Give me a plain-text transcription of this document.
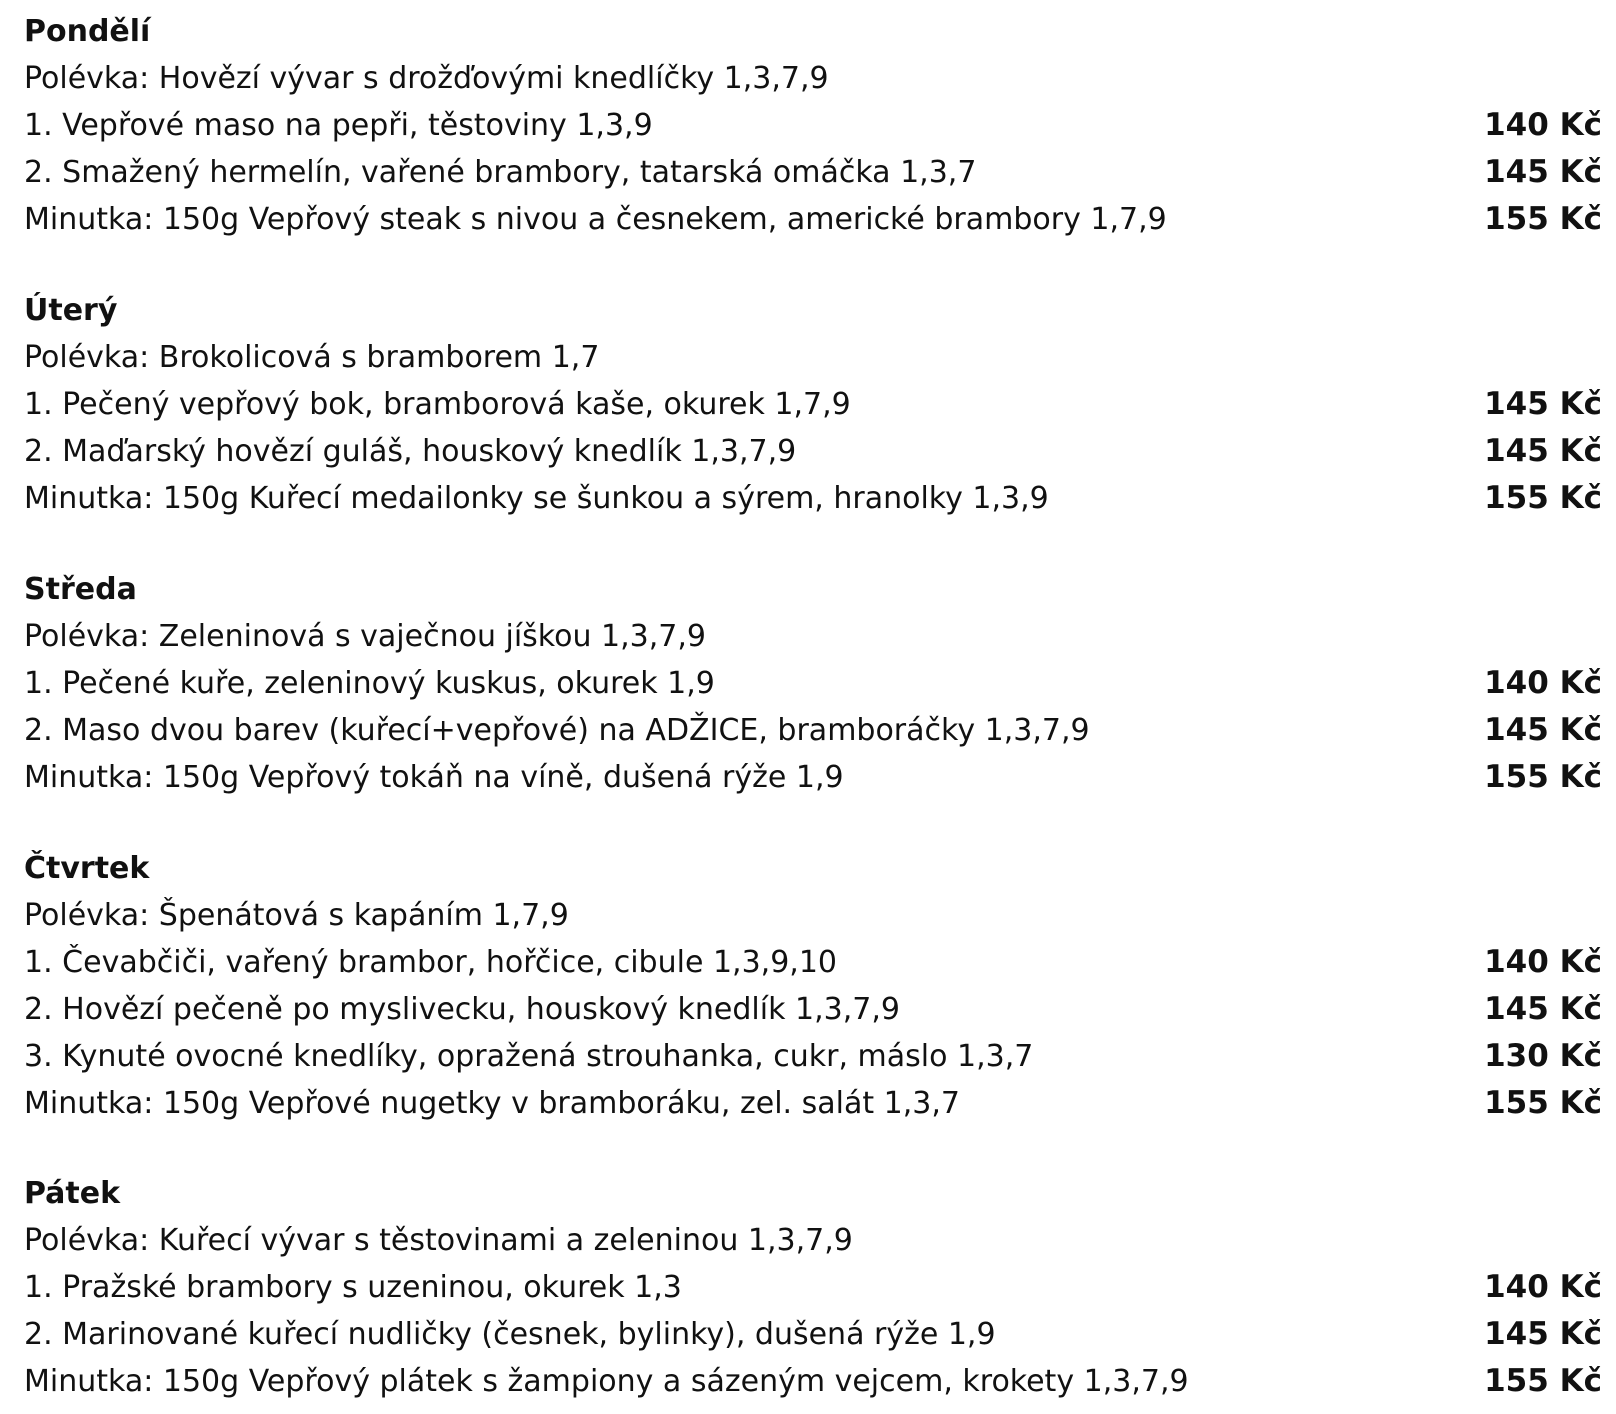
Pondělí
Polévka: Hovězí vývar s drožďovými knedlíčky 1,3,7,9
1. Vepřové maso na pepři, těstoviny 1,3,9	140 Kč
2. Smažený hermelín, vařené brambory, tatarská omáčka 1,3,7	145 Kč
Minutka: 150g Vepřový steak s nivou a česnekem, americké brambory 1,7,9	155 Kč
Úterý
Polévka: Brokolicová s bramborem 1,7
1. Pečený vepřový bok, bramborová kaše, okurek 1,7,9	145 Kč
2. Maďarský hovězí guláš, houskový knedlík 1,3,7,9	145 Kč
Minutka: 150g Kuřecí medailonky se šunkou a sýrem, hranolky 1,3,9	155 Kč
Středa
Polévka: Zeleninová s vaječnou jíškou 1,3,7,9
1. Pečené kuře, zeleninový kuskus, okurek 1,9	140 Kč
2. Maso dvou barev (kuřecí+vepřové) na ADŽICE, bramboráčky 1,3,7,9	145 Kč
Minutka: 150g Vepřový tokáň na víně, dušená rýže 1,9	155 Kč
Čtvrtek
Polévka: Špenátová s kapáním 1,7,9
1. Čevabčiči, vařený brambor, hořčice, cibule 1,3,9,10	140 Kč
2. Hovězí pečeně po myslivecku, houskový knedlík 1,3,7,9	145 Kč
3. Kynuté ovocné knedlíky, opražená strouhanka, cukr, máslo 1,3,7	130 Kč
Minutka: 150g Vepřové nugetky v bramboráku, zel. salát 1,3,7	155 Kč
Pátek
Polévka: Kuřecí vývar s těstovinami a zeleninou 1,3,7,9
1. Pražské brambory s uzeninou, okurek 1,3	140 Kč
2. Marinované kuřecí nudličky (česnek, bylinky), dušená rýže 1,9	145 Kč
Minutka: 150g Vepřový plátek s žampiony a sázeným vejcem, krokety 1,3,7,9	155 Kč
